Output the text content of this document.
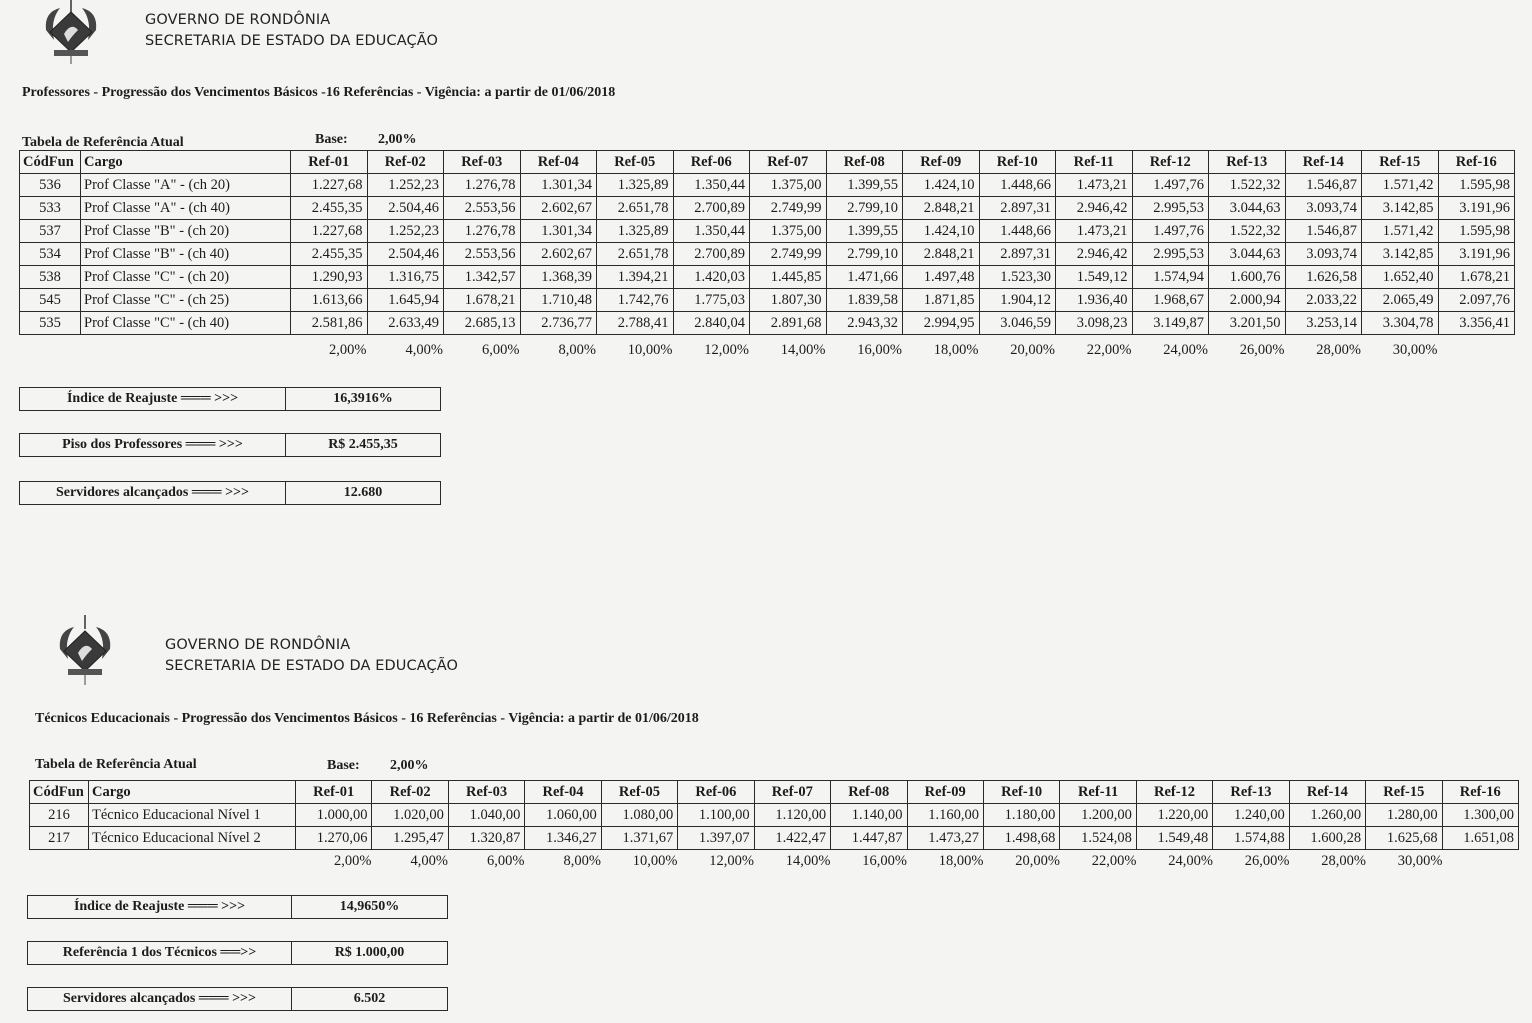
GOVERNO DE RONDÔNIA
SECRETARIA DE ESTADO DA EDUCAÇÃO
Professores - Progressão dos Vencimentos Básicos -16 Referências - Vigência: a partir de 01/06/2018
Tabela de Referência Atual	Base: 2,00%
CódFun	Cargo	Ref-01	Ref-02	Ref-03	Ref-04	Ref-05	Ref-06	Ref-07	Ref-08	Ref-09	Ref-10	Ref-11	Ref-12	Ref-13	Ref-14	Ref-15	Ref-16
536	Prof Classe "A" - (ch 20)	1.227,68	1.252,23	1.276,78	1.301,34	1.325,89	1.350,44	1.375,00	1.399,55	1.424,10	1.448,66	1.473,21	1.497,76	1.522,32	1.546,87	1.571,42	1.595,98
533	Prof Classe "A" - (ch 40)	2.455,35	2.504,46	2.553,56	2.602,67	2.651,78	2.700,89	2.749,99	2.799,10	2.848,21	2.897,31	2.946,42	2.995,53	3.044,63	3.093,74	3.142,85	3.191,96
537	Prof Classe "B" - (ch 20)	1.227,68	1.252,23	1.276,78	1.301,34	1.325,89	1.350,44	1.375,00	1.399,55	1.424,10	1.448,66	1.473,21	1.497,76	1.522,32	1.546,87	1.571,42	1.595,98
534	Prof Classe "B" - (ch 40)	2.455,35	2.504,46	2.553,56	2.602,67	2.651,78	2.700,89	2.749,99	2.799,10	2.848,21	2.897,31	2.946,42	2.995,53	3.044,63	3.093,74	3.142,85	3.191,96
538	Prof Classe "C" - (ch 20)	1.290,93	1.316,75	1.342,57	1.368,39	1.394,21	1.420,03	1.445,85	1.471,66	1.497,48	1.523,30	1.549,12	1.574,94	1.600,76	1.626,58	1.652,40	1.678,21
545	Prof Classe "C" - (ch 25)	1.613,66	1.645,94	1.678,21	1.710,48	1.742,76	1.775,03	1.807,30	1.839,58	1.871,85	1.904,12	1.936,40	1.968,67	2.000,94	2.033,22	2.065,49	2.097,76
535	Prof Classe "C" - (ch 40)	2.581,86	2.633,49	2.685,13	2.736,77	2.788,41	2.840,04	2.891,68	2.943,32	2.994,95	3.046,59	3.098,23	3.149,87	3.201,50	3.253,14	3.304,78	3.356,41
2,00%	4,00%	6,00%	8,00%	10,00%	12,00%	14,00%	16,00%	18,00%	20,00%	22,00%	24,00%	26,00%	28,00%	30,00%
Índice de Reajuste ═══ >>>	16,3916%
Piso dos Professores ═══ >>>	R$ 2.455,35
Servidores alcançados ═══ >>>	12.680
GOVERNO DE RONDÔNIA
SECRETARIA DE ESTADO DA EDUCAÇÃO
Técnicos Educacionais - Progressão dos Vencimentos Básicos - 16 Referências - Vigência: a partir de 01/06/2018
Tabela de Referência Atual	Base: 2,00%
CódFun	Cargo	Ref-01	Ref-02	Ref-03	Ref-04	Ref-05	Ref-06	Ref-07	Ref-08	Ref-09	Ref-10	Ref-11	Ref-12	Ref-13	Ref-14	Ref-15	Ref-16
216	Técnico Educacional Nível 1	1.000,00	1.020,00	1.040,00	1.060,00	1.080,00	1.100,00	1.120,00	1.140,00	1.160,00	1.180,00	1.200,00	1.220,00	1.240,00	1.260,00	1.280,00	1.300,00
217	Técnico Educacional Nível 2	1.270,06	1.295,47	1.320,87	1.346,27	1.371,67	1.397,07	1.422,47	1.447,87	1.473,27	1.498,68	1.524,08	1.549,48	1.574,88	1.600,28	1.625,68	1.651,08
2,00%	4,00%	6,00%	8,00%	10,00%	12,00%	14,00%	16,00%	18,00%	20,00%	22,00%	24,00%	26,00%	28,00%	30,00%
Índice de Reajuste ═══ >>>	14,9650%
Referência 1 dos Técnicos ══>>	R$ 1.000,00
Servidores alcançados ═══ >>>	6.502
